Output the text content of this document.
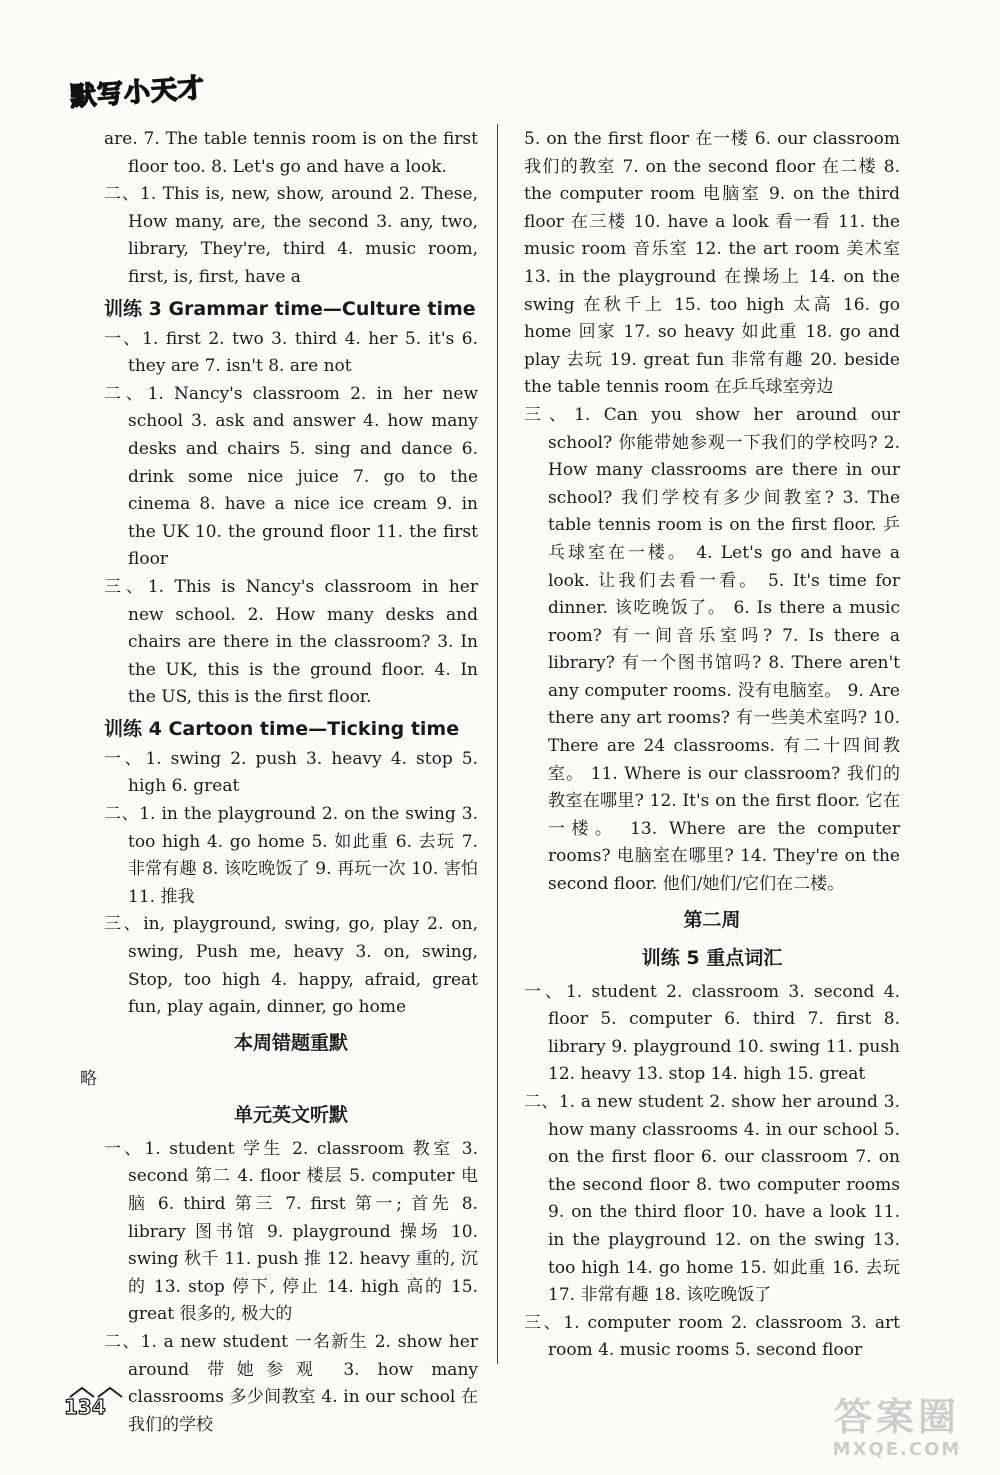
默写小天才
are. 7. The table tennis room is on the first floor too. 8. Let's go and have a look.
二、1. This is, new, show, around 2. These, How many, are, the second 3. any, two, library, They're, third 4. music room, first, is, first, have a
训练 3 Grammar time—Culture time
一、1. first 2. two 3. third 4. her 5. it's 6. they are 7. isn't 8. are not
二、1. Nancy's classroom 2. in her new school 3. ask and answer 4. how many desks and chairs 5. sing and dance 6. drink some nice juice 7. go to the cinema 8. have a nice ice cream 9. in the UK 10. the ground floor 11. the first floor
三、1. This is Nancy's classroom in her new school. 2. How many desks and chairs are there in the classroom? 3. In the UK, this is the ground floor. 4. In the US, this is the first floor.
训练 4 Cartoon time—Ticking time
一、1. swing 2. push 3. heavy 4. stop 5. high 6. great
二、1. in the playground 2. on the swing 3. too high 4. go home 5. 如此重 6. 去玩 7. 非常有趣 8. 该吃晚饭了 9. 再玩一次 10. 害怕 11. 推我
三、in, playground, swing, go, play 2. on, swing, Push me, heavy 3. on, swing, Stop, too high 4. happy, afraid, great fun, play again, dinner, go home
本周错题重默
略
单元英文听默
一、1. student 学生 2. classroom 教室 3. second 第二 4. floor 楼层 5. computer 电脑 6. third 第三 7. first 第一; 首先 8. library 图书馆 9. playground 操场 10. swing 秋千 11. push 推 12. heavy 重的, 沉的 13. stop 停下, 停止 14. high 高的 15. great 很多的, 极大的
二、1. a new student 一名新生 2. show her around 带她参观 3. how many classrooms 多少间教室 4. in our school 在我们的学校
5. on the first floor 在一楼 6. our classroom 我们的教室 7. on the second floor 在二楼 8. the computer room 电脑室 9. on the third floor 在三楼 10. have a look 看一看 11. the music room 音乐室 12. the art room 美术室 13. in the playground 在操场上 14. on the swing 在秋千上 15. too high 太高 16. go home 回家 17. so heavy 如此重 18. go and play 去玩 19. great fun 非常有趣 20. beside the table tennis room 在乒乓球室旁边
三、1. Can you show her around our school? 你能带她参观一下我们的学校吗? 2. How many classrooms are there in our school? 我们学校有多少间教室? 3. The table tennis room is on the first floor. 乒乓球室在一楼。 4. Let's go and have a look. 让我们去看一看。 5. It's time for dinner. 该吃晚饭了。 6. Is there a music room? 有一间音乐室吗? 7. Is there a library? 有一个图书馆吗? 8. There aren't any computer rooms. 没有电脑室。 9. Are there any art rooms? 有一些美术室吗? 10. There are 24 classrooms. 有二十四间教室。 11. Where is our classroom? 我们的教室在哪里? 12. It's on the first floor. 它在一楼。 13. Where are the computer rooms? 电脑室在哪里? 14. They're on the second floor. 他们/她们/它们在二楼。
第二周
训练 5 重点词汇
一、1. student 2. classroom 3. second 4. floor 5. computer 6. third 7. first 8. library 9. playground 10. swing 11. push 12. heavy 13. stop 14. high 15. great
二、1. a new student 2. show her around 3. how many classrooms 4. in our school 5. on the first floor 6. our classroom 7. on the second floor 8. two computer rooms 9. on the third floor 10. have a look 11. in the playground 12. on the swing 13. too high 14. go home 15. 如此重 16. 去玩 17. 非常有趣 18. 该吃晚饭了
三、1. computer room 2. classroom 3. art room 4. music rooms 5. second floor
134	答案圈
MXQE.COM
